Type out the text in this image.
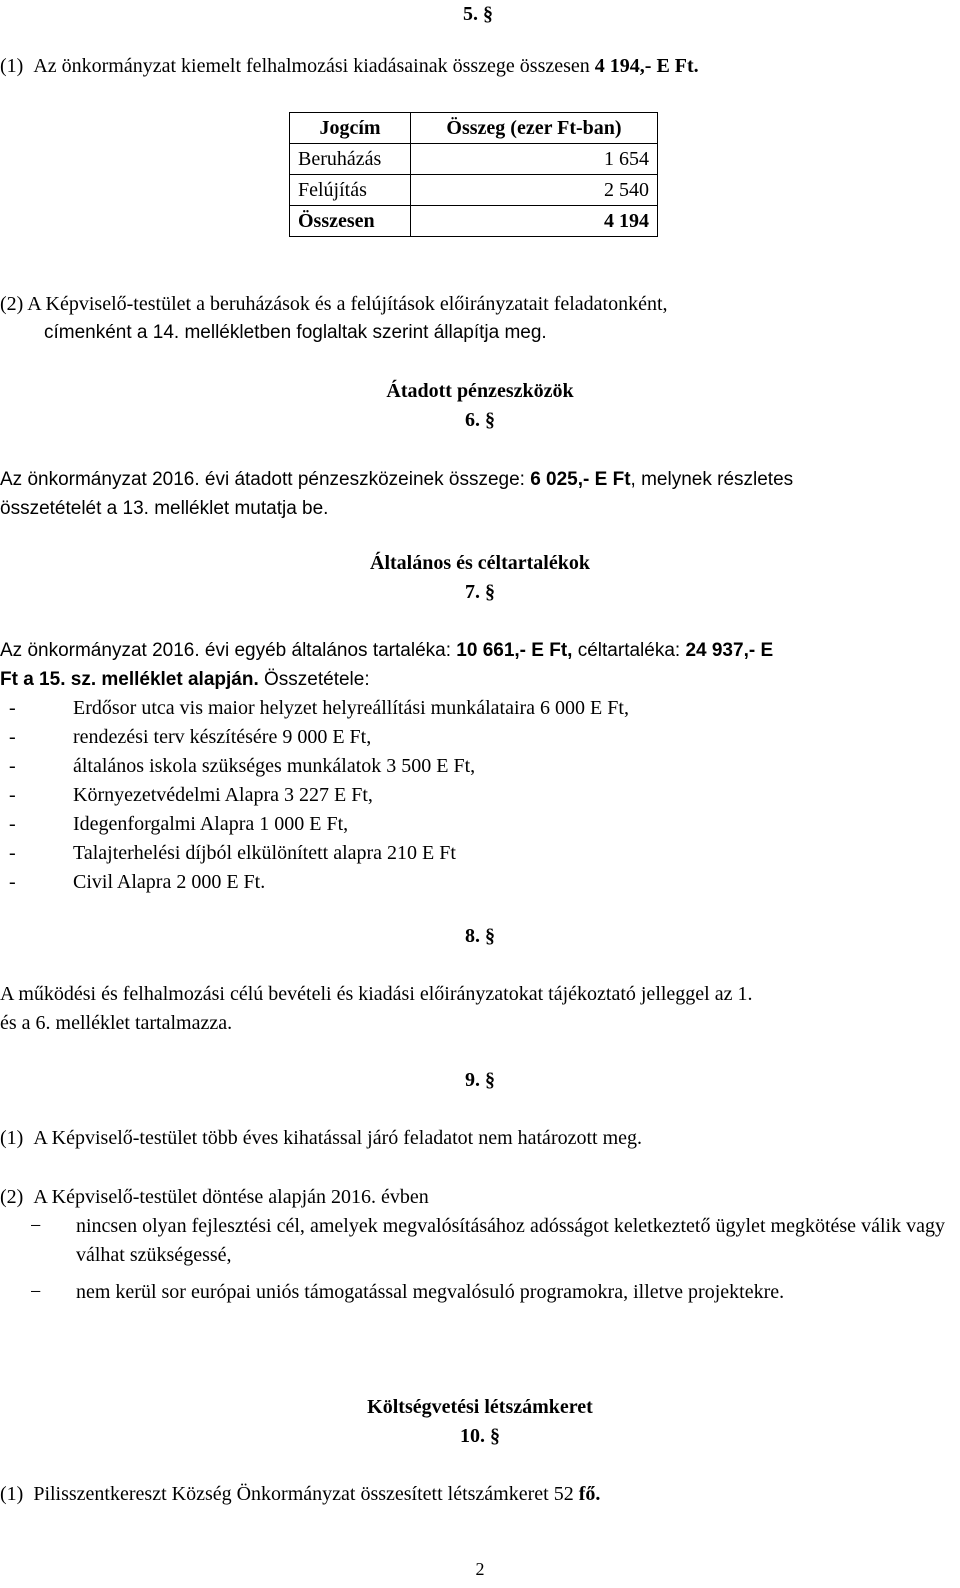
5. §
(1)  Az önkormányzat kiemelt felhalmozási kiadásainak összege összesen 4 194,- E Ft.
Jogcím	Összeg (ezer Ft-ban)
Beruházás	1 654
Felújítás	2 540
Összesen	4 194
(2) A Képviselő-testület a beruházások és a felújítások előirányzatait feladatonként,
címenként a 14. mellékletben foglaltak szerint állapítja meg.
Átadott pénzeszközök
6. §
Az önkormányzat 2016. évi átadott pénzeszközeinek összege: 6 025,- E Ft, melynek részletes
összetételét a 13. melléklet mutatja be.
Általános és céltartalékok
7. §
Az önkormányzat 2016. évi egyéb általános tartaléka: 10 661,- E Ft, céltartaléka: 24 937,- E
Ft a 15. sz. melléklet alapján. Összetétele:
-	Erdősor utca vis maior helyzet helyreállítási munkálataira 6 000 E Ft,
-	rendezési terv készítésére 9 000 E Ft,
-	általános iskola szükséges munkálatok 3 500 E Ft,
-	Környezetvédelmi Alapra 3 227 E Ft,
-	Idegenforgalmi Alapra 1 000 E Ft,
-	Talajterhelési díjból elkülönített alapra 210 E Ft
-	Civil Alapra 2 000 E Ft.
8. §
A működési és felhalmozási célú bevételi és kiadási előirányzatokat tájékoztató jelleggel az 1.
és a 6. melléklet tartalmazza.
9. §
(1)  A Képviselő-testület több éves kihatással járó feladatot nem határozott meg.
(2)  A Képviselő-testület döntése alapján 2016. évben
− nincsen olyan fejlesztési cél, amelyek megvalósításához adósságot keletkeztető ügylet megkötése válik vagy válhat szükségessé,
− nem kerül sor európai uniós támogatással megvalósuló programokra, illetve projektekre.
Költségvetési létszámkeret
10. §
(1)  Pilisszentkereszt Község Önkormányzat összesített létszámkeret 52 fő.
2
